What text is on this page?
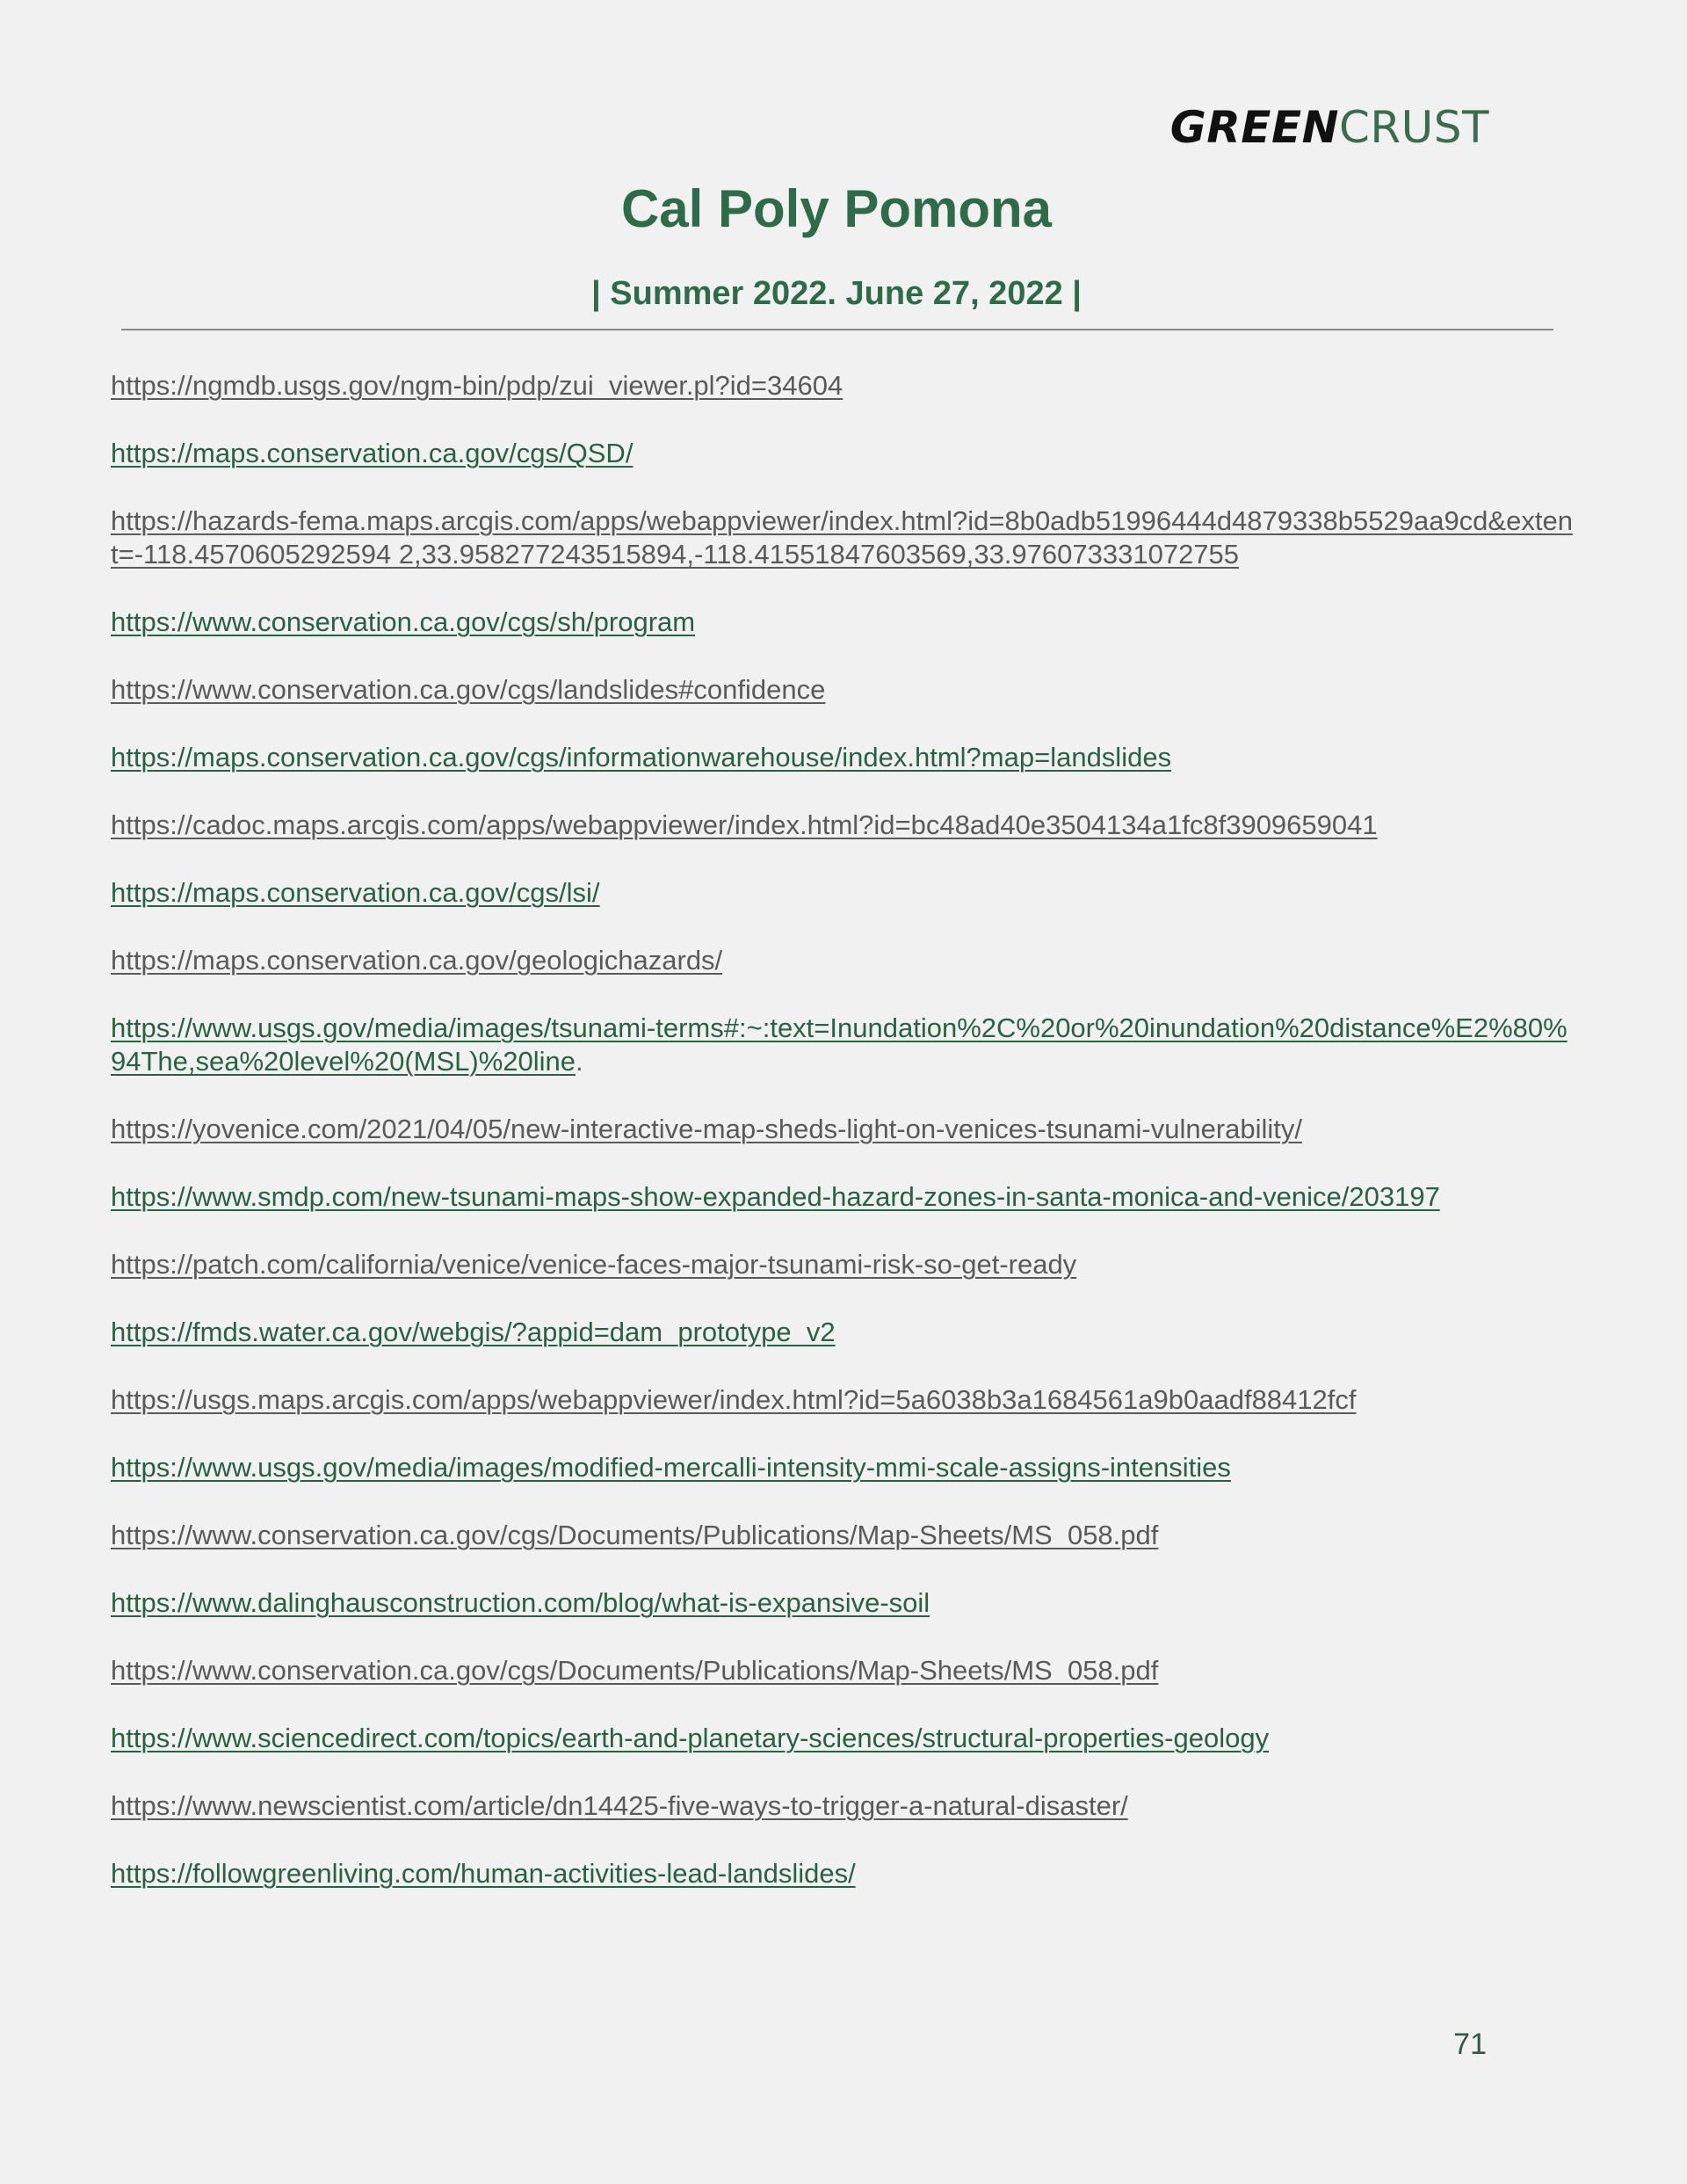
GREENCRUST
Cal Poly Pomona
| Summer 2022. June 27, 2022 |
https://ngmdb.usgs.gov/ngm-bin/pdp/zui_viewer.pl?id=34604
https://maps.conservation.ca.gov/cgs/QSD/
https://hazards-fema.maps.arcgis.com/apps/webappviewer/index.html?id=8b0adb51996444d4879338b5529aa9cd&extent=-118.4570605292594 2,33.958277243515894,-118.41551847603569,33.976073331072755
https://www.conservation.ca.gov/cgs/sh/program
https://www.conservation.ca.gov/cgs/landslides#confidence
https://maps.conservation.ca.gov/cgs/informationwarehouse/index.html?map=landslides
https://cadoc.maps.arcgis.com/apps/webappviewer/index.html?id=bc48ad40e3504134a1fc8f3909659041
https://maps.conservation.ca.gov/cgs/lsi/
https://maps.conservation.ca.gov/geologichazards/
https://www.usgs.gov/media/images/tsunami-terms#:~:text=Inundation%2C%20or%20inundation%20distance%E2%80%94The,sea%20level%20(MSL)%20line.
https://yovenice.com/2021/04/05/new-interactive-map-sheds-light-on-venices-tsunami-vulnerability/
https://www.smdp.com/new-tsunami-maps-show-expanded-hazard-zones-in-santa-monica-and-venice/203197
https://patch.com/california/venice/venice-faces-major-tsunami-risk-so-get-ready
https://fmds.water.ca.gov/webgis/?appid=dam_prototype_v2
https://usgs.maps.arcgis.com/apps/webappviewer/index.html?id=5a6038b3a1684561a9b0aadf88412fcf
https://www.usgs.gov/media/images/modified-mercalli-intensity-mmi-scale-assigns-intensities
https://www.conservation.ca.gov/cgs/Documents/Publications/Map-Sheets/MS_058.pdf
https://www.dalinghausconstruction.com/blog/what-is-expansive-soil
https://www.conservation.ca.gov/cgs/Documents/Publications/Map-Sheets/MS_058.pdf
https://www.sciencedirect.com/topics/earth-and-planetary-sciences/structural-properties-geology
https://www.newscientist.com/article/dn14425-five-ways-to-trigger-a-natural-disaster/
https://followgreenliving.com/human-activities-lead-landslides/
71
